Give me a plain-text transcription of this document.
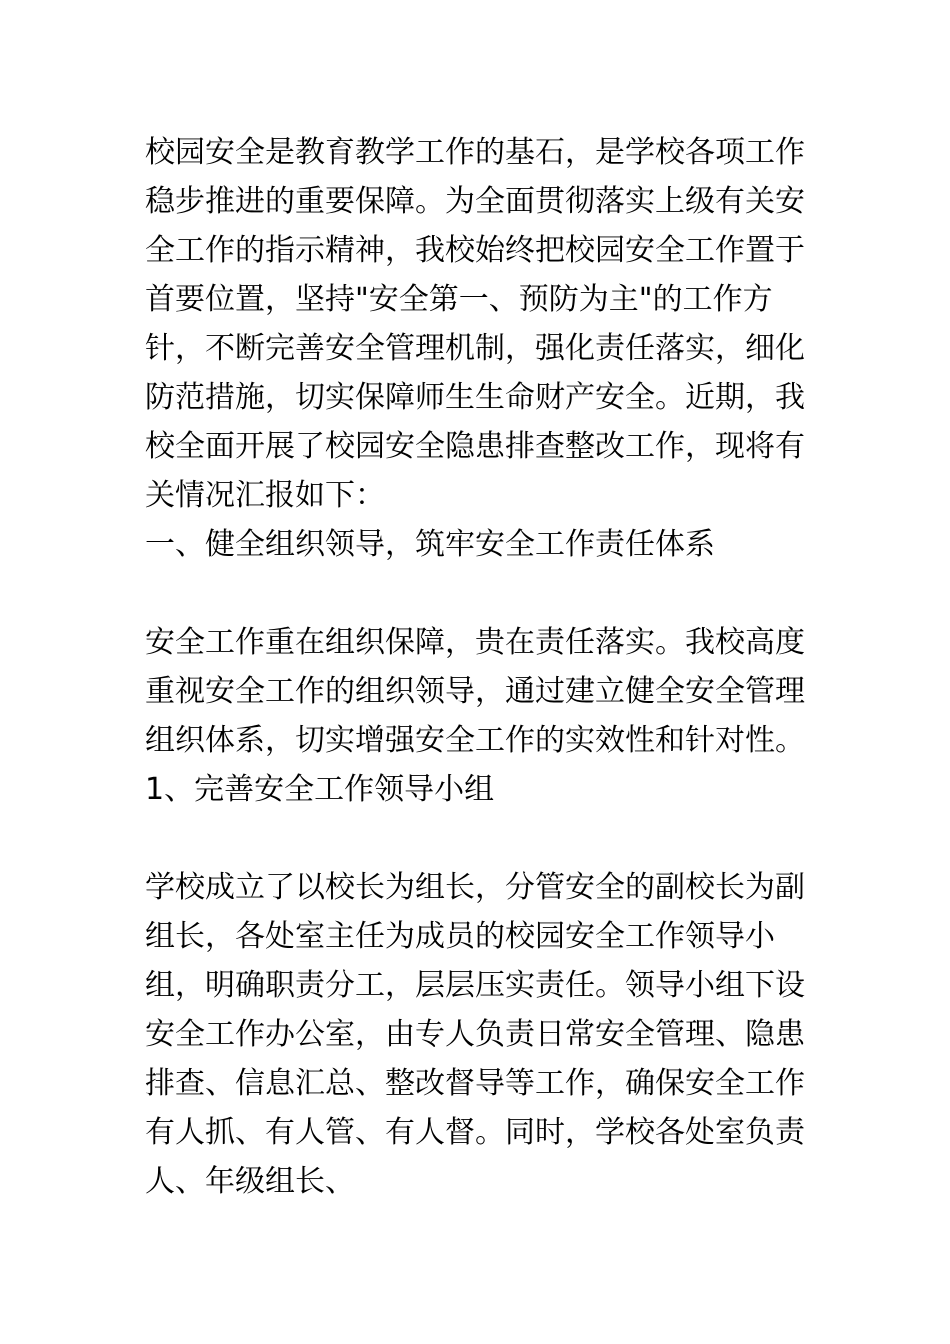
校园安全是教育教学工作的基石，是学校各项工作稳步推进的重要保障。为全面贯彻落实上级有关安全工作的指示精神，我校始终把校园安全工作置于首要位置，坚持"安全第一、预防为主"的工作方针，不断完善安全管理机制，强化责任落实，细化防范措施，切实保障师生生命财产安全。近期，我校全面开展了校园安全隐患排查整改工作，现将有关情况汇报如下：

一、健全组织领导，筑牢安全工作责任体系

安全工作重在组织保障，贵在责任落实。我校高度重视安全工作的组织领导，通过建立健全安全管理组织体系，切实增强安全工作的实效性和针对性。

1、完善安全工作领导小组

学校成立了以校长为组长，分管安全的副校长为副组长，各处室主任为成员的校园安全工作领导小组，明确职责分工，层层压实责任。领导小组下设安全工作办公室，由专人负责日常安全管理、隐患排查、信息汇总、整改督导等工作，确保安全工作有人抓、有人管、有人督。同时，学校各处室负责人、年级组长、
